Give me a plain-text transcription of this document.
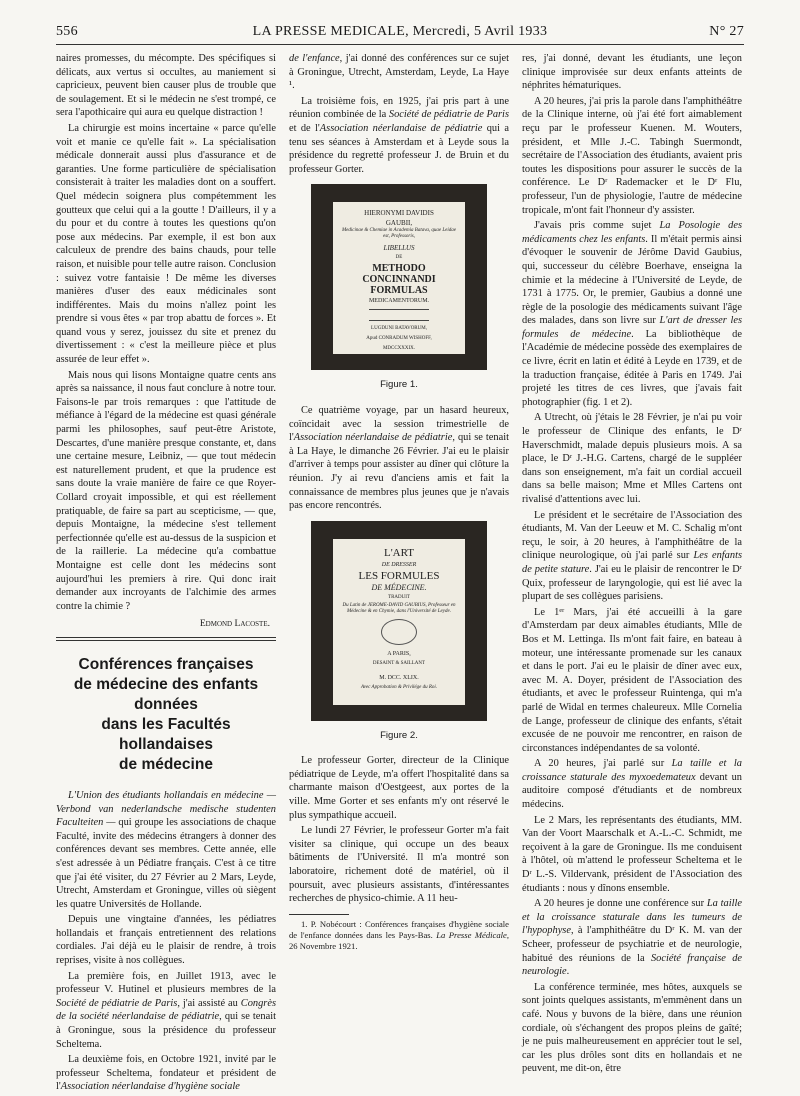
556	LA PRESSE MEDICALE, Mercredi, 5 Avril 1933	N° 27

naires promesses, du mécompte. Des spécifiques si délicats, aux vertus si occultes, au maniement si capricieux, peuvent bien causer plus de trouble que de soulagement. Et si le médecin ne s'est trompé, ce sera l'apothicaire qui aura eu quelque distraction !

La chirurgie est moins incertaine « parce qu'elle voit et manie ce qu'elle fait ». La spécialisation médicale donnerait aussi plus d'assurance et de garanties. Une forme particulière de spécialisation consisterait à traiter les maladies dont on a souffert. Quel médecin soignera plus compétemment les goutteux que celui qui a la goutte ! D'ailleurs, il y a du pour et du contre à toutes les questions qu'on pose aux médecins. Par exemple, il est bon aux calculeux de prendre des bains chauds, pour telle raison, et nuisible pour telle autre raison. Conclusion : suivez votre fantaisie ! De même les diverses manières d'user des eaux médicinales sont indifférentes. Mais du moins n'allez point les prendre si vous êtes « par trop abattu de forces ». Et quand vous y serez, jouissez du site et prenez du divertissement : « c'est la meilleure pièce et plus assurée de leur effet ».

Mais nous qui lisons Montaigne quatre cents ans après sa naissance, il nous faut conclure à notre tour. Faisons-le par trois remarques : que l'attitude de méfiance à l'égard de la médecine est quasi générale parmi les philosophes, sauf peut-être Aristote, Descartes, d'une manière presque constante, et, dans une certaine mesure, Leibniz, — que tout médecin est naturellement prudent, et que la prudence est sans doute la vraie manière de faire ce que Royer-Collard croyait impossible, et qui est réellement pratiquable, de faire sa part au scepticisme, — que, depuis Montaigne, la médecine s'est tellement perfectionnée qu'elle est au-dessus de la suspicion et de la raillerie. La médecine qu'a combattue Montaigne est celle dont les médecins sont aujourd'hui les premiers à rire. Qui donc irait demander aux incroyants de l'alchimie des armes contre la chimie ?

Edmond Lacoste.
Conférences françaises
de médecine des enfants
données
dans les Facultés hollandaises
de médecine

L'Union des étudiants hollandais en médecine — Verbond van nederlandsche medische studenten Faculteiten — qui groupe les associations de chaque Faculté, invite des médecins étrangers à donner des conférences devant ses membres. Cette année, elle s'est adressée à un Pédiatre français. C'est à ce titre que j'ai été visiter, du 27 Février au 2 Mars, Leyde, Utrecht, Amsterdam et Groningue, villes où siègent les quatre Universités de Hollande.

Depuis une vingtaine d'années, les pédiatres hollandais et français entretiennent des relations cordiales. J'ai déjà eu le plaisir de rendre, à trois reprises, visite à nos collègues.

La première fois, en Juillet 1913, avec le professeur V. Hutinel et plusieurs membres de la Société de pédiatrie de Paris, j'ai assisté au Congrès de la société néerlandaise de pédiatrie, qui se tenait à Groningue, sous la présidence du professeur Scheltema.

La deuxième fois, en Octobre 1921, invité par le professeur Scheltema, fondateur et président de l'Association néerlandaise d'hygiène sociale

de l'enfance, j'ai donné des conférences sur ce sujet à Groningue, Utrecht, Amsterdam, Leyde, La Haye ¹.

La troisième fois, en 1925, j'ai pris part à une réunion combinée de la Société de pédiatrie de Paris et de l'Association néerlandaise de pédiatrie qui a tenu ses séances à Amsterdam et à Leyde sous la présidence du regretté professeur J. de Bruin et du professeur Gorter.

HIERONYMI DAVIDIS
GAUBII,
Medicinae & Chemiae in Academia Batava, quae Leidae est, Professoris,
LIBELLUS
DE
METHODO
CONCINNANDI
FORMULAS
MEDICAMENTORUM.
LUGDUNI BATAVORUM,
Apud CONRADUM WISHOFF,
MDCCXXXIX.
Figure 1.

Ce quatrième voyage, par un hasard heureux, coïncidait avec la session trimestrielle de l'Association néerlandaise de pédiatrie, qui se tenait à La Haye, le dimanche 26 Février. J'ai eu le plaisir d'arriver à temps pour assister au dîner qui clôture la réunion. J'y ai revu d'anciens amis et fait la connaissance de membres plus jeunes que je n'avais pas encore rencontrés.

L'ART
DE DRESSER
LES FORMULES
DE MÉDECINE.
TRADUIT
Du Latin de JEROME-DAVID GAUBIUS, Professeur en Médecine & en Chymie, dans l'Université de Leyde.
A PARIS,
DESAINT & SAILLANT
M. DCC. XLIX.
Avec Approbation & Privilége du Roi.
Figure 2.

Le professeur Gorter, directeur de la Clinique pédiatrique de Leyde, m'a offert l'hospitalité dans sa charmante maison d'Oestgeest, aux portes de la ville. Mme Gorter et ses enfants m'y ont réservé le plus sympathique accueil.

Le lundi 27 Février, le professeur Gorter m'a fait visiter sa clinique, qui occupe un des beaux bâtiments de l'Université. Il m'a montré son laboratoire, richement doté de matériel, où il poursuit, avec plusieurs assistants, d'intéressantes recherches de physico-chimie. A 11 heu-

1. P. Nobécourt : Conférences françaises d'hygiène sociale de l'enfance données dans les Pays-Bas. La Presse Médicale, 26 Novembre 1921.

res, j'ai donné, devant les étudiants, une leçon clinique improvisée sur deux enfants atteints de néphrites hématuriques.

A 20 heures, j'ai pris la parole dans l'amphithéâtre de la Clinique interne, où j'ai été fort aimablement reçu par le professeur Kuenen. M. Wouters, président, et Mlle J.-C. Tabingh Suermondt, secrétaire de l'Association des étudiants, avaient pris toutes les dispositions pour assurer le succès de la conférence. Le Dʳ Rademacker et le Dʳ Flu, professeur, l'un de physiologie, l'autre de médecine tropicale, m'ont fait l'honneur d'y assister.

J'avais pris comme sujet La Posologie des médicaments chez les enfants. Il m'était permis ainsi d'évoquer le souvenir de Jérôme David Gaubius, qui, successeur du célèbre Boerhave, enseigna la chimie et la médecine à l'Université de Leyde, de 1731 à 1775. Or, le premier, Gaubius a donné une règle de la posologie des médicaments suivant l'âge des malades, dans son livre sur L'art de dresser les formules de médecine. La bibliothèque de l'Académie de médecine possède des exemplaires de ce livre, écrit en latin et édité à Leyde en 1739, et de la traduction française, éditée à Paris en 1749. J'ai projeté les titres de ces livres, que j'avais fait photographier (fig. 1 et 2).

A Utrecht, où j'étais le 28 Février, je n'ai pu voir le professeur de Clinique des enfants, le Dʳ Haverschmidt, malade depuis plusieurs mois. A sa place, le Dʳ J.-H.G. Cartens, chargé de le suppléer dans son enseignement, m'a fait un cordial accueil dans sa belle maison; Mme et Mlles Cartens ont rivalisé d'attentions avec lui.

Le président et le secrétaire de l'Association des étudiants, M. Van der Leeuw et M. C. Schalig m'ont reçu, le soir, à 20 heures, à l'amphithéâtre de la clinique neurologique, où j'ai parlé sur Les enfants de petite stature. J'ai eu le plaisir de rencontrer le Dʳ Quix, professeur de laryngologie, qui est lié avec la plupart de ses collègues parisiens.

Le 1ᵉʳ Mars, j'ai été accueilli à la gare d'Amsterdam par deux aimables étudiants, Mlle de Bos et M. Lettinga. Ils m'ont fait faire, en bateau à moteur, une intéressante promenade sur les canaux et dans le port. J'ai eu le plaisir de dîner avec eux, avec M. A. Doyer, président de l'Association des étudiants, et avec le professeur Ruintenga, qui m'a parlé de Widal en termes chaleureux. Mlle Cornelia de Lange, professeur de clinique des enfants, s'était excusée de ne pouvoir me rencontrer, en raison de circonstances indépendantes de sa volonté.

A 20 heures, j'ai parlé sur La taille et la croissance staturale des myxoedemateux devant un auditoire composé d'étudiants et de nombreux médecins.

Le 2 Mars, les représentants des étudiants, MM. Van der Voort Maarschalk et A.-L.-C. Schmidt, me reçoivent à la gare de Groningue. Ils me conduisent à l'hôtel, où m'attend le professeur Scheltema et le Dʳ L.-S. Vildervank, président de l'Association des étudiants : nous y dînons ensemble.

A 20 heures je donne une conférence sur La taille et la croissance staturale dans les tumeurs de l'hypophyse, à l'amphithéâtre du Dʳ K. M. van der Scheer, professeur de psychiatrie et de neurologie, habitué des réunions de la Société française de neurologie.

La conférence terminée, mes hôtes, auxquels se sont joints quelques assistants, m'emmènent dans un café. Nous y buvons de la bière, dans une réunion cordiale, où s'échangent des propos pleins de gaîté; je ne puis malheureusement en apprécier tout le sel, car les plus drôles sont dits en hollandais et ne peuvent, me dit-on, être
